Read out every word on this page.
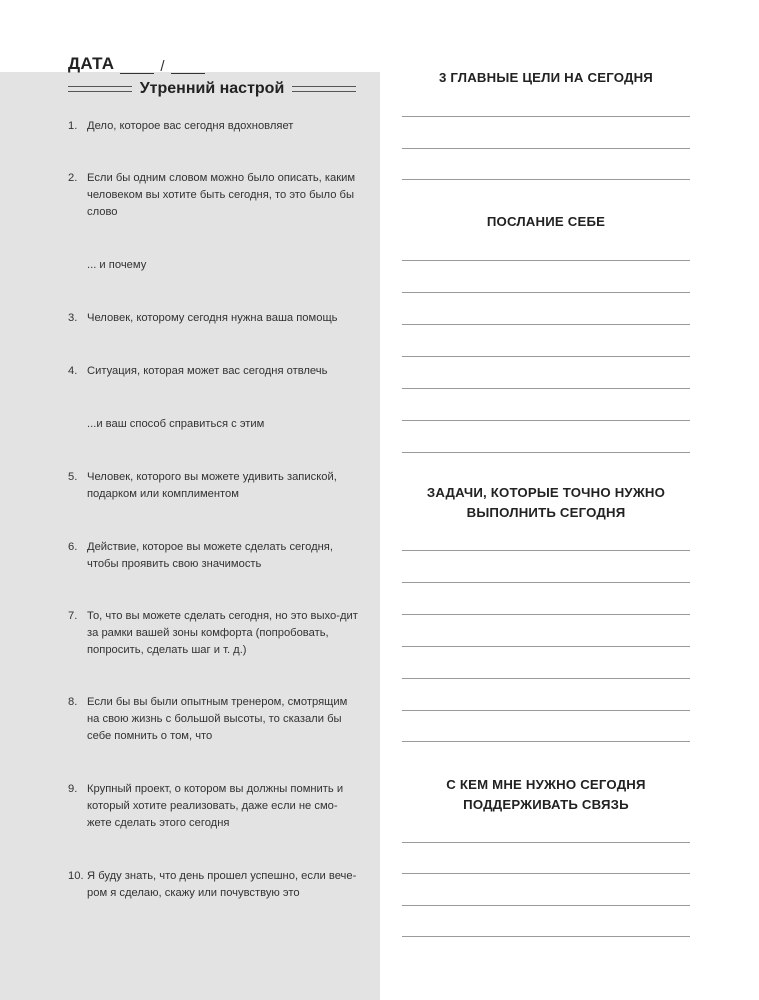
ДАТА	/
Утренний настрой
1. Дело, которое вас сегодня вдохновляет
2. Если бы одним словом можно было описать, каким человеком вы хотите быть сегодня, то это было бы слово
... и почему
3. Человек, которому сегодня нужна ваша помощь
4. Ситуация, которая может вас сегодня отвлечь
...и ваш способ справиться с этим
5. Человек, которого вы можете удивить запиской, подарком или комплиментом
6. Действие, которое вы можете сделать сегодня, чтобы проявить свою значимость
7. То, что вы можете сделать сегодня, но это выхо-дит за рамки вашей зоны комфорта (попробовать, попросить, сделать шаг и т. д.)
8. Если бы вы были опытным тренером, смотрящим на свою жизнь с большой высоты, то сказали бы себе помнить о том, что
9. Крупный проект, о котором вы должны помнить и который хотите реализовать, даже если не смо-жете сделать этого сегодня
10. Я буду знать, что день прошел успешно, если вече-ром я сделаю, скажу или почувствую это
3 ГЛАВНЫЕ ЦЕЛИ НА СЕГОДНЯ
ПОСЛАНИЕ СЕБЕ
ЗАДАЧИ, КОТОРЫЕ ТОЧНО НУЖНО
ВЫПОЛНИТЬ СЕГОДНЯ
С КЕМ МНЕ НУЖНО СЕГОДНЯ
ПОДДЕРЖИВАТЬ СВЯЗЬ
